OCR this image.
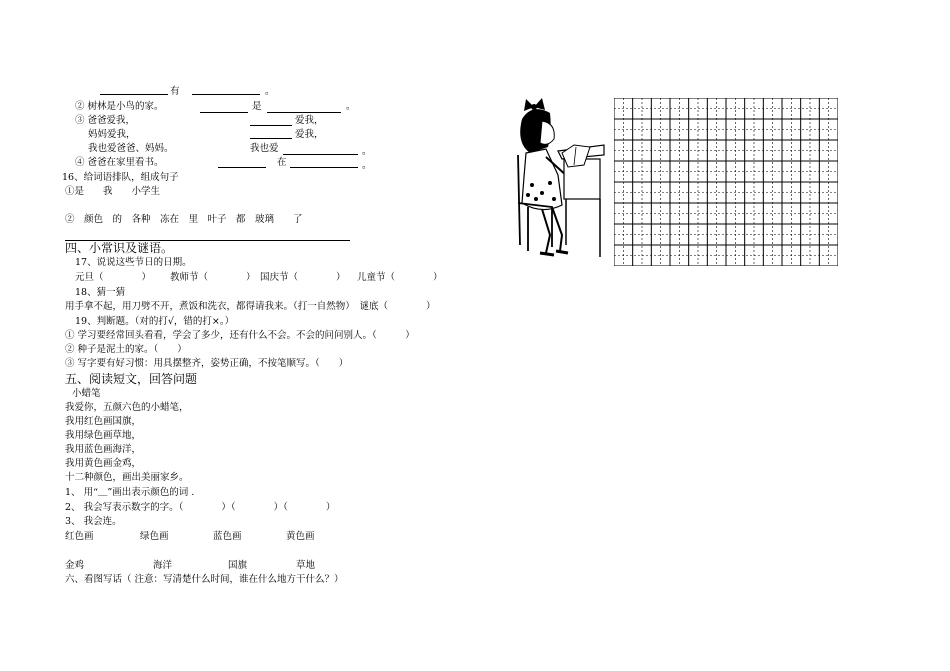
有	。
② 树林是小鸟的家。	是	。
③ 爸爸爱我，	爱我，
妈妈爱我，	爱我，
我也爱爸爸、妈妈。	我也爱	。
④ 爸爸在家里看书。	在	。
16、给词语排队，组成句子
①是　　我　　小学生
②　颜色　的　各种　冻在　里　叶子　都　玻璃　　了
四、小常识及谜语。
17、说说这些节日的日期。
元旦（　　　　） 教师节（　　　　） 国庆节（　　　　） 儿童节（　　　　）
18、猜一猜
用手拿不起，用刀劈不开，煮饭和洗衣，都得请我来。（打一自然物）　谜底（　　　　）
19、判断题。（对的打√，错的打×。）
① 学习要经常回头看看，学会了多少，还有什么不会。不会的问问别人。（　　　）
② 种子是泥土的家。（　　）
③ 写字要有好习惯：用具摆整齐，姿势正确，不按笔顺写。（　　）
五、阅读短文，回答问题
小蜡笔
我爱你，五颜六色的小蜡笔，
我用红色画国旗，
我用绿色画草地，
我用蓝色画海洋，
我用黄色画金鸡，
十二种颜色，画出美丽家乡。
1、 用“＿”画出表示颜色的词 .
2、 我会写表示数字的字。（　　　　）（　　　　）（　　　　）
3、 我会连。
红色画	绿色画	蓝色画	黄色画
金鸡	海洋	国旗	草地
六、看图写话（ 注意：写清楚什么时间，谁在什么地方干什么？）
